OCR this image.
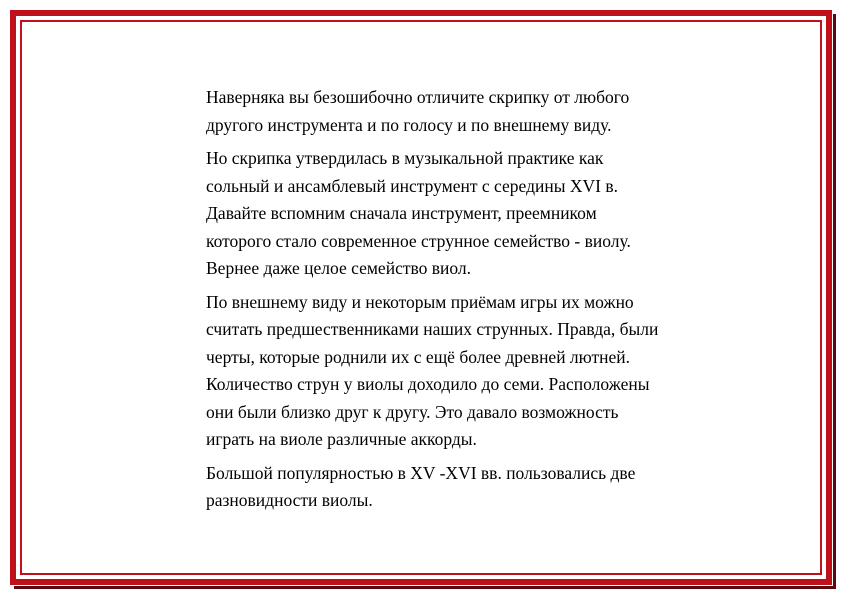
Наверняка вы безошибочно отличите скрипку от любого
другого инструмента и по голосу и по внешнему виду.

Но скрипка утвердилась в музыкальной практике как
сольный и ансамблевый инструмент с середины XVI в.
Давайте вспомним сначала инструмент, преемником
которого стало современное струнное семейство - виолу.
Вернее даже целое семейство виол.

По внешнему виду и некоторым приёмам игры их можно
считать предшественниками наших струнных. Правда, были
черты, которые роднили их с ещё более древней лютней.
Количество струн у виолы доходило до семи. Расположены
они были близко друг к другу. Это давало возможность
играть на виоле различные аккорды.

Большой популярностью в XV -XVI вв. пользовались две
разновидности виолы.
